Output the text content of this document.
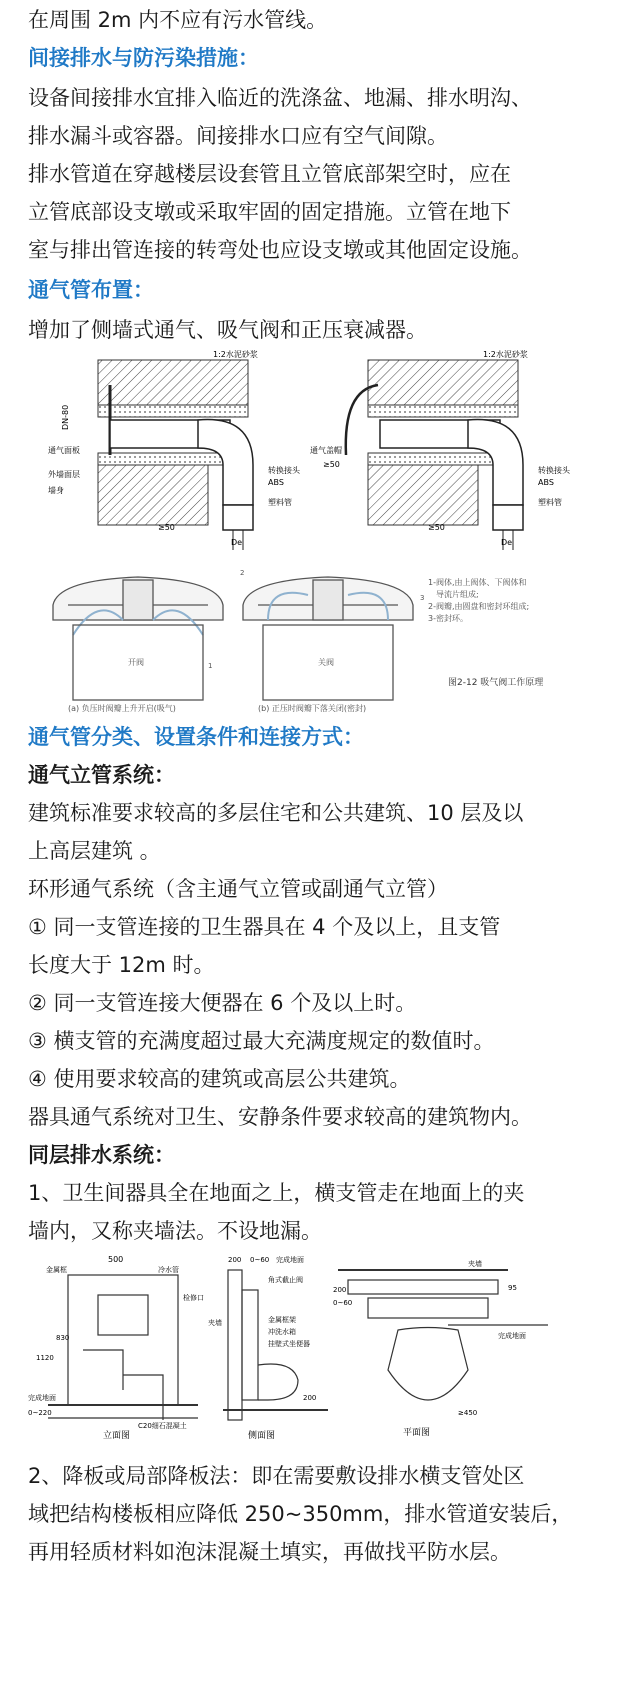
在周围 2m 内不应有污水管线。
间接排水与防污染措施：
设备间接排水宜排入临近的洗涤盆、地漏、排水明沟、
排水漏斗或容器。间接排水口应有空气间隙。
排水管道在穿越楼层设套管且立管底部架空时，应在
立管底部设支墩或采取牢固的固定措施。立管在地下
室与排出管连接的转弯处也应设支墩或其他固定设施。
通气管布置：
增加了侧墙式通气、吸气阀和正压衰减器。
1:2水泥砂浆
DN-80
通气面板
外墙面层
墙身
转换接头
ABS
塑料管
≥50
De
1:2水泥砂浆
通气盖帽
≥50
转换接头
ABS
塑料管
≥50
De
开阀	1
(a) 负压时阀瓣上升开启(吸气)
2
3
关阀
(b) 正压时阀瓣下落关闭(密封)
1-阀体,由上阀体、下阀体和
导流片组成;
2-阀瓣,由圆盘和密封环组成;
3-密封环。
图2-12 吸气阀工作原理
通气管分类、设置条件和连接方式：
通气立管系统：
建筑标准要求较高的多层住宅和公共建筑、10 层及以
上高层建筑 。
环形通气系统（含主通气立管或副通气立管）
① 同一支管连接的卫生器具在 4 个及以上，且支管
长度大于 12m 时。
② 同一支管连接大便器在 6 个及以上时。
③ 横支管的充满度超过最大充满度规定的数值时。
④ 使用要求较高的建筑或高层公共建筑。
器具通气系统对卫生、安静条件要求较高的建筑物内。
同层排水系统：
1、卫生间器具全在地面之上，横支管走在地面上的夹
墙内，又称夹墙法。不设地漏。
500
金属框	冷水管
检修口
830
1120
完成地面
0~220
C20细石混凝土
立面图
200 0~60 完成地面
角式截止阀
金属框架
冲洗水箱
挂壁式坐便器
夹墙
200
侧面图
夹墙
0~60
200	95
完成地面
≥450
平面图
2、降板或局部降板法：即在需要敷设排水横支管处区
域把结构楼板相应降低 250~350mm，排水管道安装后，
再用轻质材料如泡沫混凝土填实，再做找平防水层。
